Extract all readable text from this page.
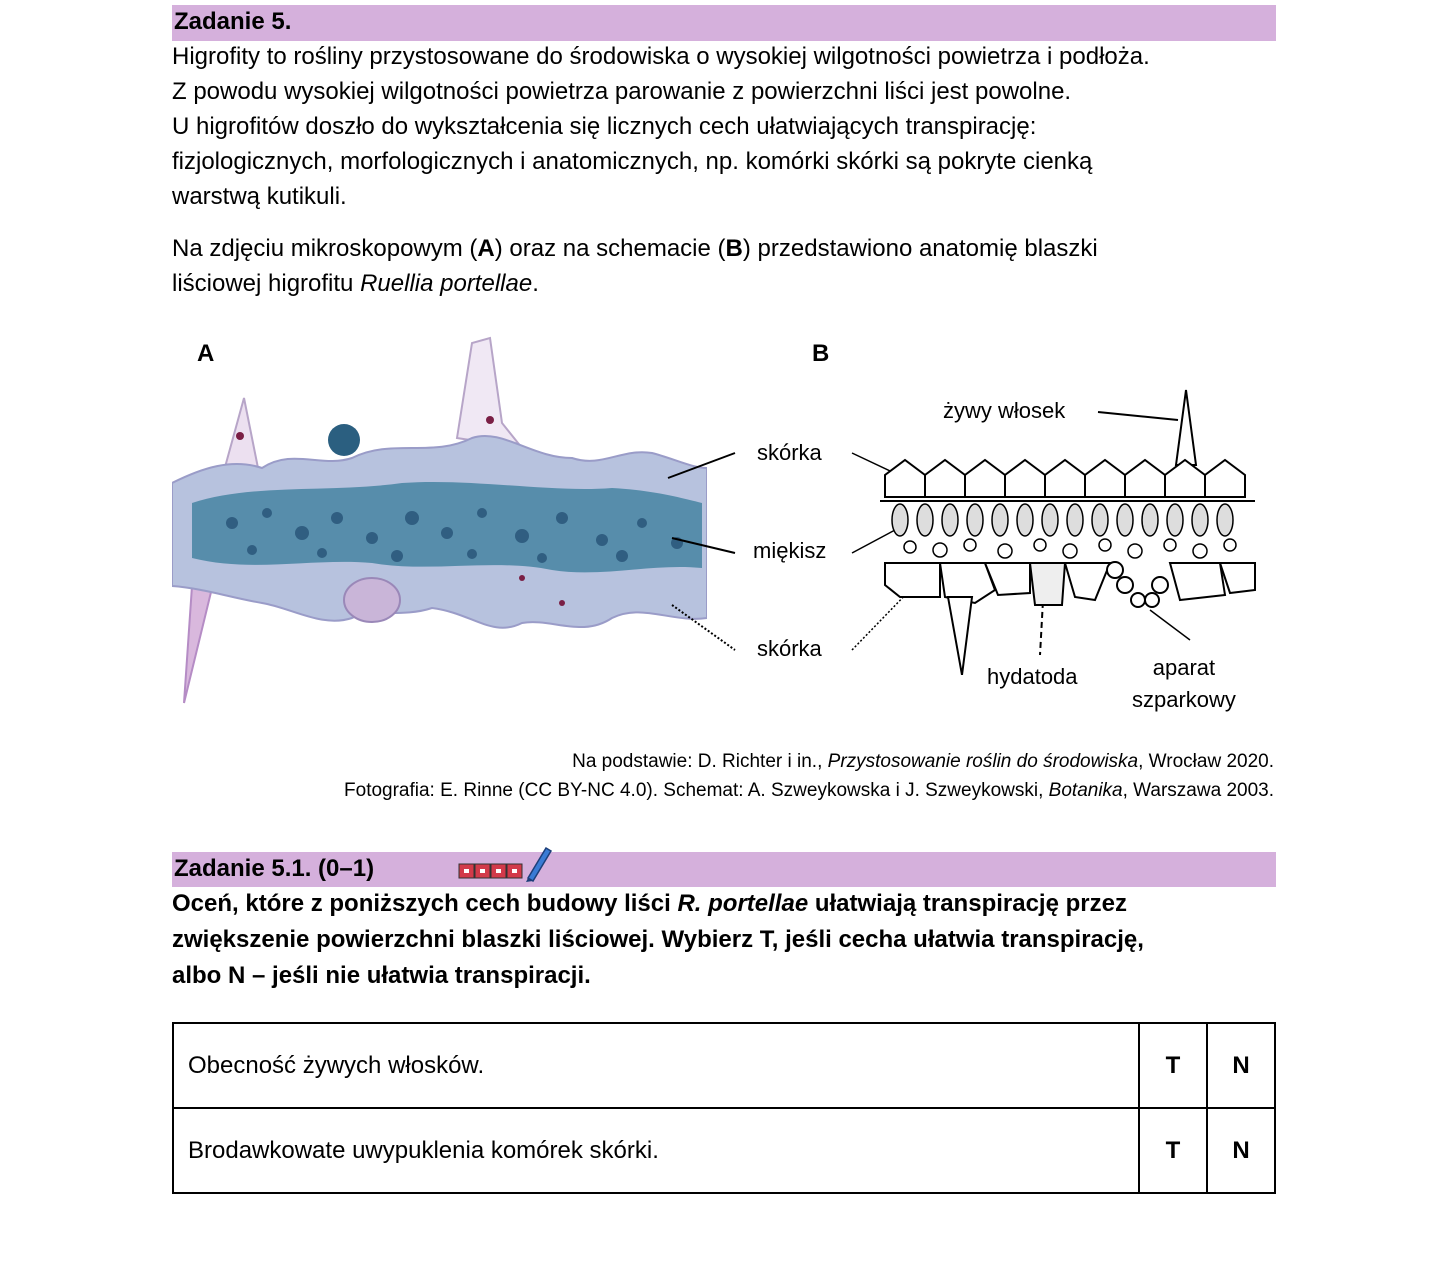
Zadanie 5.
Higrofity to rośliny przystosowane do środowiska o wysokiej wilgotności powietrza i podłoża.
Z powodu wysokiej wilgotności powietrza parowanie z powierzchni liści jest powolne.
U higrofitów doszło do wykształcenia się licznych cech ułatwiających transpirację:
fizjologicznych, morfologicznych i anatomicznych, np. komórki skórki są pokryte cienką
warstwą kutikuli.
Na zdjęciu mikroskopowym (A) oraz na schemacie (B) przedstawiono anatomię blaszki
liściowej higrofitu Ruellia portellae.
A	B
skórka
miękisz
skórka
żywy włosek
hydatoda	aparat
szparkowy
Na podstawie: D. Richter i in., Przystosowanie roślin do środowiska, Wrocław 2020.
Fotografia: E. Rinne (CC BY-NC 4.0). Schemat: A. Szweykowska i J. Szweykowski, Botanika, Warszawa 2003.
Zadanie 5.1. (0–1)
Oceń, które z poniższych cech budowy liści R. portellae ułatwiają transpirację przez
zwiększenie powierzchni blaszki liściowej. Wybierz T, jeśli cecha ułatwia transpirację,
albo N – jeśli nie ułatwia transpiracji.
Obecność żywych włosków.	T	N
Brodawkowate uwypuklenia komórek skórki.	T	N
